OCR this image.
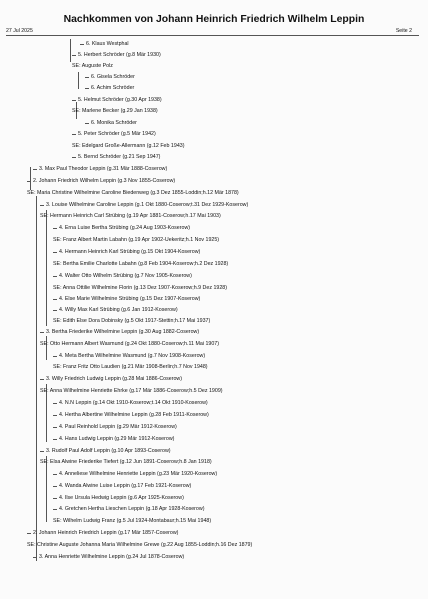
Nachkommen von Johann Heinrich Friedrich Wilhelm Leppin
27 Jul 2025	Seite 2
6. Klaus Westphal
5. Herbert Schröder (g.8 Mär 1930)
SE: Auguste Polz
6. Gisela Schröder
6. Achim Schröder
5. Helmut Schröder (g.30 Apr 1938)
SE: Marlene Becker (g.29 Jan 1938)
6. Monika Schröder
5. Peter Schröder (g.5 Mär 1942)
SE: Edelgard Große-Allermann (g.12 Feb 1943)
5. Bernd Schröder (g.21 Sep 1947)
3. Max Paul Theodor Leppin (g.31 Mär 1888-Coserow)
2. Johann Friedrich Wilhelm Leppin (g.3 Nov 1855-Coserow)
SE: Maria Christine Wilhelmine Caroline Biedenweg (g.3 Dez 1855-Loddin;h.12 Mär 1878)
3. Louise Wilhelmine Caroline Leppin (g.1 Okt 1880-Coserow;t.31 Dez 1929-Koserow)
SE: Hermann Heinrich Carl Strübing (g.19 Apr 1881-Coserow;h.17 Mai 1903)
4. Erna Luise Bertha Strübing (g.24 Aug 1903-Koserow)
SE: Franz Albert Martin Labahn (g.19 Apr 1902-Uekeritz;h.1 Nov 1925)
4. Hermann Heinrich Karl Strübing (g.15 Okt 1904-Koserow)
SE: Bertha Emilie Charlotte Labahn (g.8 Feb 1904-Koserow;h.2 Dez 1928)
4. Walter Otto Wilhelm Strübing (g.7 Nov 1905-Koserow)
SE: Anna Ottilie Wilhelmine Florin (g.13 Dez 1907-Koserow;h.9 Dez 1928)
4. Else Marie Wilhelmine Strübing (g.15 Dez 1907-Koserow)
4. Willy Max Karl Strübing (g.6 Jan 1912-Koserow)
SE: Edith Else Dora Dobinsky (g.5 Okt 1917-Stettin;h.17 Mai 1937)
3. Bertha Friederike Wilhelmine Leppin (g.30 Aug 1882-Coserow)
SE: Otto Hermann Albert Wasmund (g.24 Okt 1880-Coserow;h.11 Mai 1907)
4. Meta Bertha Wilhelmine Wasmund (g.7 Nov 1908-Koserow)
SE: Franz Fritz Otto Laudien (g.21 Mär 1908-Berlin;h.7 Nov 1948)
3. Willy Friedrich Ludwig Leppin (g.28 Mai 1886-Coserow)
SE: Anna Wilhelmine Henriette Ehrke (g.17 Mär 1886-Coserow;h.5 Dez 1909)
4. N.N Leppin (g.14 Okt 1910-Koserow;t.14 Okt 1910-Koserow)
4. Hertha Albertine Wilhelmine Leppin (g.28 Feb 1911-Koserow)
4. Paul Reinhold Leppin (g.29 Mär 1912-Koserow)
4. Hans Ludwig Leppin (g.29 Mär 1912-Koserow)
3. Rudolf Paul Adolf Leppin (g.10 Apr 1893-Coserow)
SE: Elsa Alwine Friederike Tiefert (g.12 Jun 1891-Coserow;h.8 Jan 1918)
4. Anneliese Wilhelmine Henriette Leppin (g.23 Mär 1920-Koserow)
4. Wanda Alwine Luise Leppin (g.17 Feb 1921-Koserow)
4. Ilse Ursula Hedwig Leppin (g.6 Apr 1925-Koserow)
4. Gretchen Hertha Lieschen Leppin (g.18 Apr 1928-Koserow)
SE: Wilhelm Ludwig Franz (g.5 Jul 1924-Montabaur;h.15 Mai 1948)
2. Johann Heinrich Friedrich Leppin (g.17 Mär 1857-Coserow)
SE: Christine Auguste Johanna Maria Wilhelmine Grewe (g.22 Aug 1855-Loddin;h.16 Dez 1879)
3. Anna Henriette Wilhelmine Leppin (g.24 Jul 1878-Coserow)
